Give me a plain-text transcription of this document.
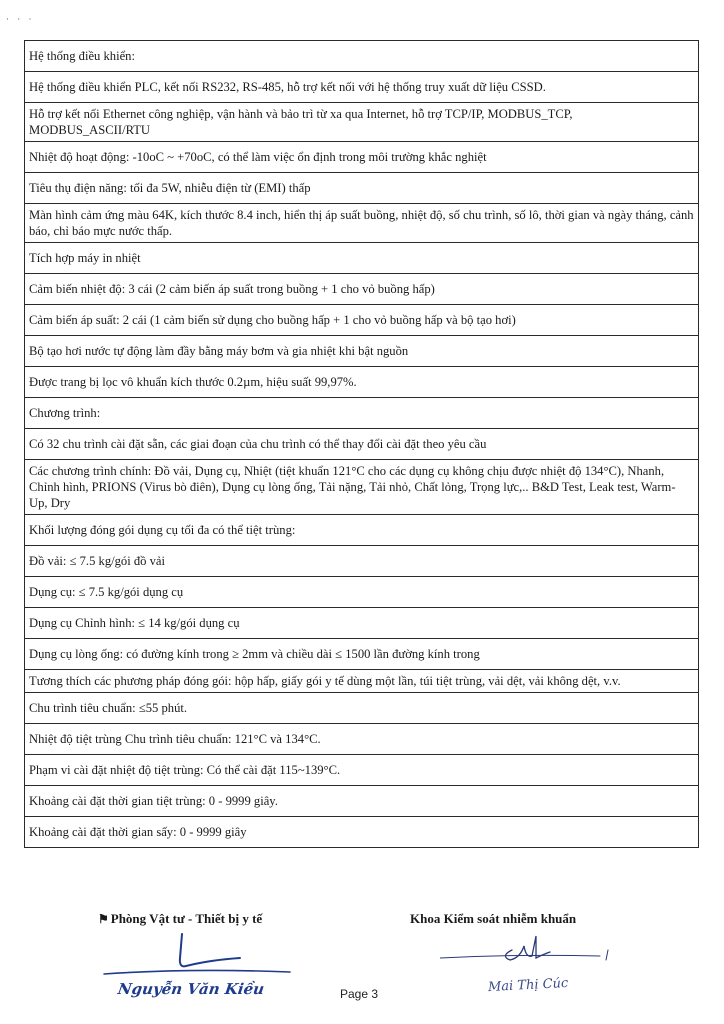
· · ·
Hệ thống điều khiển:
Hệ thống điều khiển PLC, kết nối RS232, RS-485, hỗ trợ kết nối với hệ thống truy xuất dữ liệu CSSD.
Hỗ trợ kết nối Ethernet công nghiệp, vận hành và bảo trì từ xa qua Internet, hỗ trợ TCP/IP, MODBUS_TCP, MODBUS_ASCII/RTU
Nhiệt độ hoạt động: -10oC ~ +70oC, có thể làm việc ổn định trong môi trường khắc nghiệt
Tiêu thụ điện năng: tối đa 5W, nhiễu điện từ (EMI) thấp
Màn hình cảm ứng màu 64K, kích thước 8.4 inch, hiển thị áp suất buồng, nhiệt độ, số chu trình, số lô, thời gian và ngày tháng, cảnh báo, chỉ báo mực nước thấp.
Tích hợp máy in nhiệt
Cảm biến nhiệt độ: 3 cái (2 cảm biến áp suất trong buồng + 1 cho vỏ buồng hấp)
Cảm biến áp suất: 2 cái (1 cảm biến sử dụng cho buồng hấp + 1 cho vỏ buồng hấp và bộ tạo hơi)
Bộ tạo hơi nước tự động làm đầy bằng máy bơm và gia nhiệt khi bật nguồn
Được trang bị lọc vô khuẩn kích thước 0.2µm, hiệu suất 99,97%.
Chương trình:
Có 32 chu trình cài đặt sẵn, các giai đoạn của chu trình có thể thay đổi cài đặt theo yêu cầu
Các chương trình chính: Đồ vải, Dụng cụ, Nhiệt (tiệt khuẩn 121°C cho các dụng cụ không chịu được nhiệt độ 134°C), Nhanh, Chỉnh hình, PRIONS (Virus bò điên), Dụng cụ lòng ống, Tải nặng, Tải nhỏ, Chất lỏng, Trọng lực,.. B&D Test, Leak test, Warm-Up, Dry
Khối lượng đóng gói dụng cụ tối đa có thể tiệt trùng:
Đồ vải: ≤ 7.5 kg/gói đồ vải
Dụng cụ: ≤ 7.5 kg/gói dụng cụ
Dụng cụ Chỉnh hình: ≤ 14 kg/gói dụng cụ
Dụng cụ lòng ống: có đường kính trong ≥ 2mm và chiều dài ≤ 1500 lần đường kính trong
Tương thích các phương pháp đóng gói: hộp hấp, giấy gói y tế dùng một lần, túi tiệt trùng, vải dệt, vải không dệt, v.v.
Chu trình tiêu chuẩn: ≤55 phút.
Nhiệt độ tiệt trùng Chu trình tiêu chuẩn: 121°C và 134°C.
Phạm vi cài đặt nhiệt độ tiệt trùng: Có thể cài đặt 115~139°C.
Khoảng cài đặt thời gian tiệt trùng: 0 - 9999 giây.
Khoảng cài đặt thời gian sấy: 0 - 9999 giây
⚑ Phòng Vật tư - Thiết bị y tế	Khoa Kiểm soát nhiễm khuẩn
Nguyễn Văn Kiều	Mai Thị Cúc
Page 3
